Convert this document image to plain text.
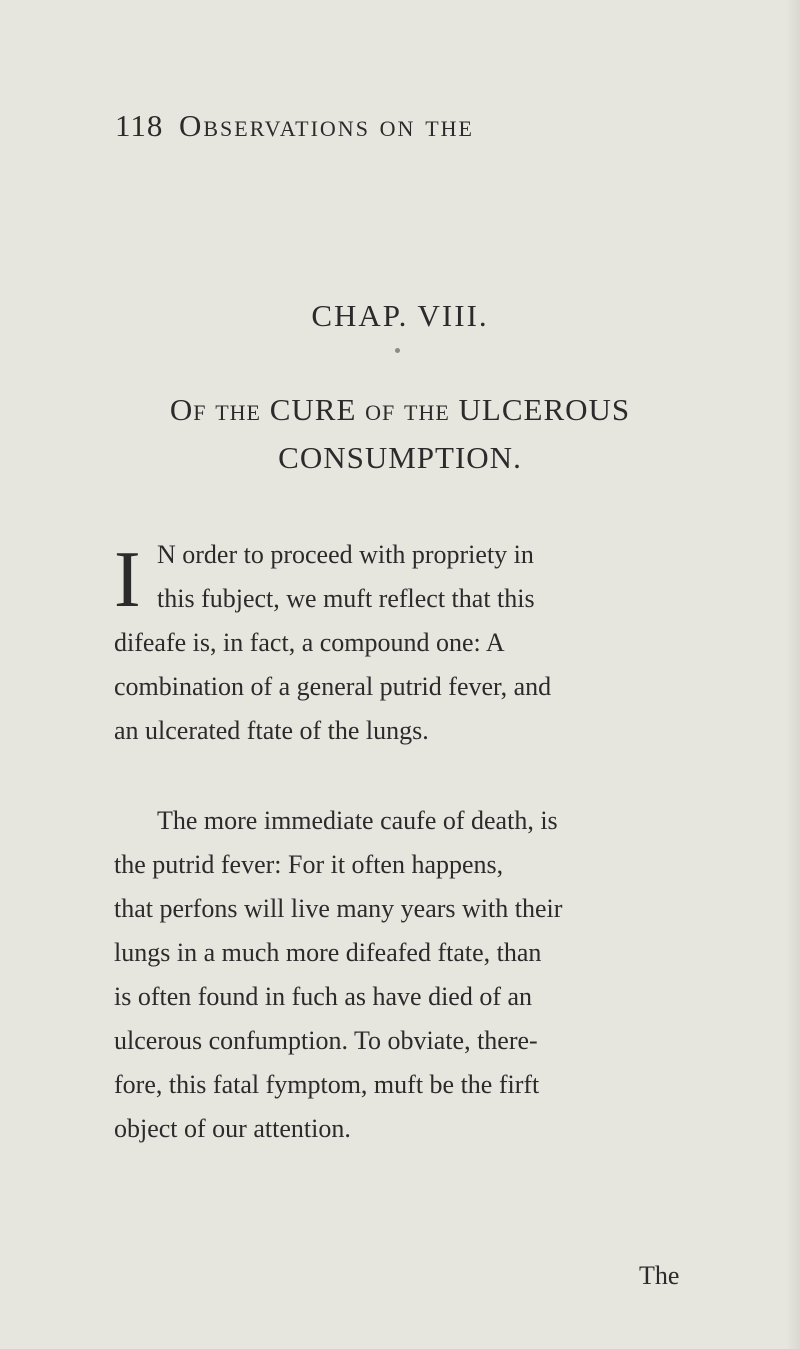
118 Observations on the
CHAP. VIII.
Of the CURE of the ULCEROUS
CONSUMPTION.
I N order to proceed with propriety in
this fubject, we muft reflect that this
difeafe is, in fact, a compound one: A
combination of a general putrid fever, and
an ulcerated ftate of the lungs.
The more immediate caufe of death, is
the putrid fever: For it often happens,
that perfons will live many years with their
lungs in a much more difeafed ftate, than
is often found in fuch as have died of an
ulcerous confumption. To obviate, there-
fore, this fatal fymptom, muft be the firft
object of our attention.
The
